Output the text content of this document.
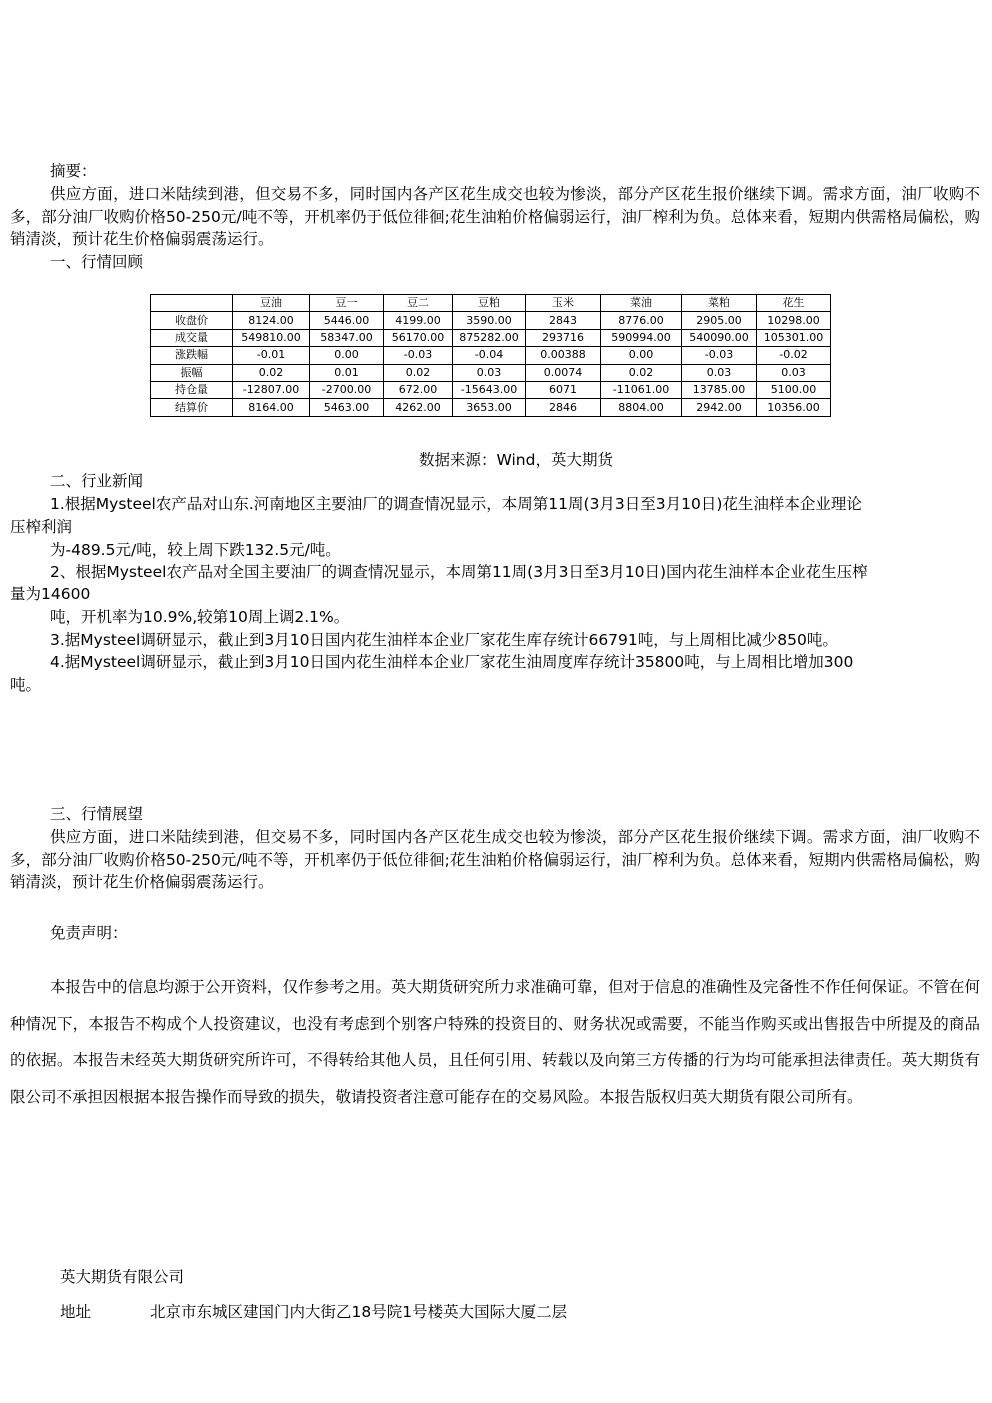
摘要：
供应方面，进口米陆续到港，但交易不多，同时国内各产区花生成交也较为惨淡，部分产区花生报价继续下调。需求方面，油厂收购不多，部分油厂收购价格50-250元/吨不等，开机率仍于低位徘徊;花生油粕价格偏弱运行，油厂榨利为负。总体来看，短期内供需格局偏松，购销清淡，预计花生价格偏弱震荡运行。
一、行情回顾
	豆油	豆一	豆二	豆粕	玉米	菜油	菜粕	花生
收盘价	8124.00	5446.00	4199.00	3590.00	2843	8776.00	2905.00	10298.00
成交量	549810.00	58347.00	56170.00	875282.00	293716	590994.00	540090.00	105301.00
涨跌幅	-0.01	0.00	-0.03	-0.04	0.00388	0.00	-0.03	-0.02
振幅	0.02	0.01	0.02	0.03	0.0074	0.02	0.03	0.03
持仓量	-12807.00	-2700.00	672.00	-15643.00	6071	-11061.00	13785.00	5100.00
结算价	8164.00	5463.00	4262.00	3653.00	2846	8804.00	2942.00	10356.00
数据来源：Wind，英大期货
二、行业新闻
1.根据Mysteel农产品对山东.河南地区主要油厂的调查情况显示，本周第11周(3月3日至3月10日)花生油样本企业理论
压榨利润
为-489.5元/吨，较上周下跌132.5元/吨。
2、根据Mysteel农产品对全国主要油厂的调查情况显示，本周第11周(3月3日至3月10日)国内花生油样本企业花生压榨
量为14600
吨，开机率为10.9%,较第10周上调2.1%。
3.据Mysteel调研显示，截止到3月10日国内花生油样本企业厂家花生库存统计66791吨，与上周相比减少850吨。
4.据Mysteel调研显示，截止到3月10日国内花生油样本企业厂家花生油周度库存统计35800吨，与上周相比增加300
吨。
三、行情展望
供应方面，进口米陆续到港，但交易不多，同时国内各产区花生成交也较为惨淡，部分产区花生报价继续下调。需求方面，油厂收购不多，部分油厂收购价格50-250元/吨不等，开机率仍于低位徘徊;花生油粕价格偏弱运行，油厂榨利为负。总体来看，短期内供需格局偏松，购销清淡，预计花生价格偏弱震荡运行。
免责声明：
本报告中的信息均源于公开资料，仅作参考之用。英大期货研究所力求准确可靠，但对于信息的准确性及完备性不作任何保证。不管在何种情况下，本报告不构成个人投资建议，也没有考虑到个别客户特殊的投资目的、财务状况或需要，不能当作购买或出售报告中所提及的商品的依据。本报告未经英大期货研究所许可，不得转给其他人员，且任何引用、转载以及向第三方传播的行为均可能承担法律责任。英大期货有限公司不承担因根据本报告操作而导致的损失，敬请投资者注意可能存在的交易风险。本报告版权归英大期货有限公司所有。
英大期货有限公司
地址	北京市东城区建国门内大街乙18号院1号楼英大国际大厦二层
